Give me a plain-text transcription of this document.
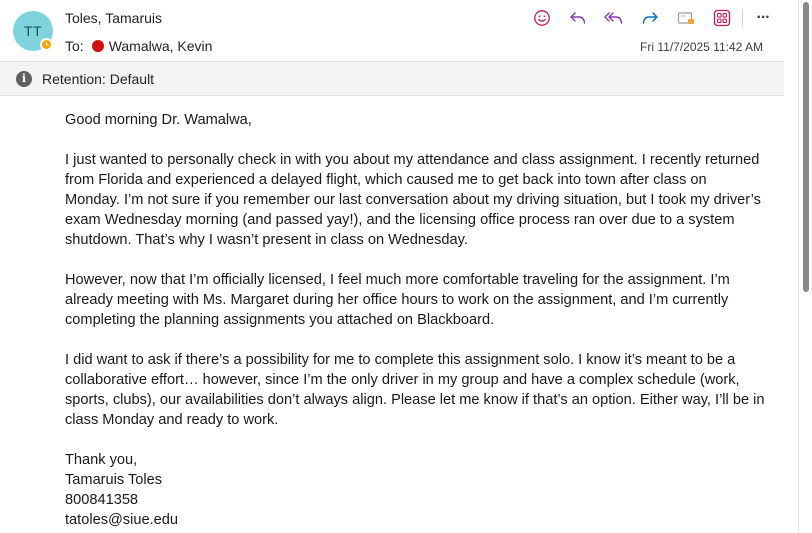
TT
Toles, Tamaruis
To: Wamalwa, Kevin	Fri 11/7/2025 11:42 AM
···
i	Retention: Default

Good morning Dr. Wamalwa,

I just wanted to personally check in with you about my attendance and class assignment. I recently returned from Florida and experienced a delayed flight, which caused me to get back into town after class on Monday. I’m not sure if you remember our last conversation about my driving situation, but I took my driver’s exam Wednesday morning (and passed yay!), and the licensing office process ran over due to a system shutdown. That’s why I wasn’t present in class on Wednesday.

However, now that I’m officially licensed, I feel much more comfortable traveling for the assignment. I’m already meeting with Ms. Margaret during her office hours to work on the assignment, and I’m currently completing the planning assignments you attached on Blackboard.

I did want to ask if there’s a possibility for me to complete this assignment solo. I know it’s meant to be a collaborative effort… however, since I’m the only driver in my group and have a complex schedule (work, sports, clubs), our availabilities don’t always align. Please let me know if that’s an option. Either way, I’ll be in class Monday and ready to work.

Thank you,

Tamaruis Toles

800841358

tatoles@siue.edu
